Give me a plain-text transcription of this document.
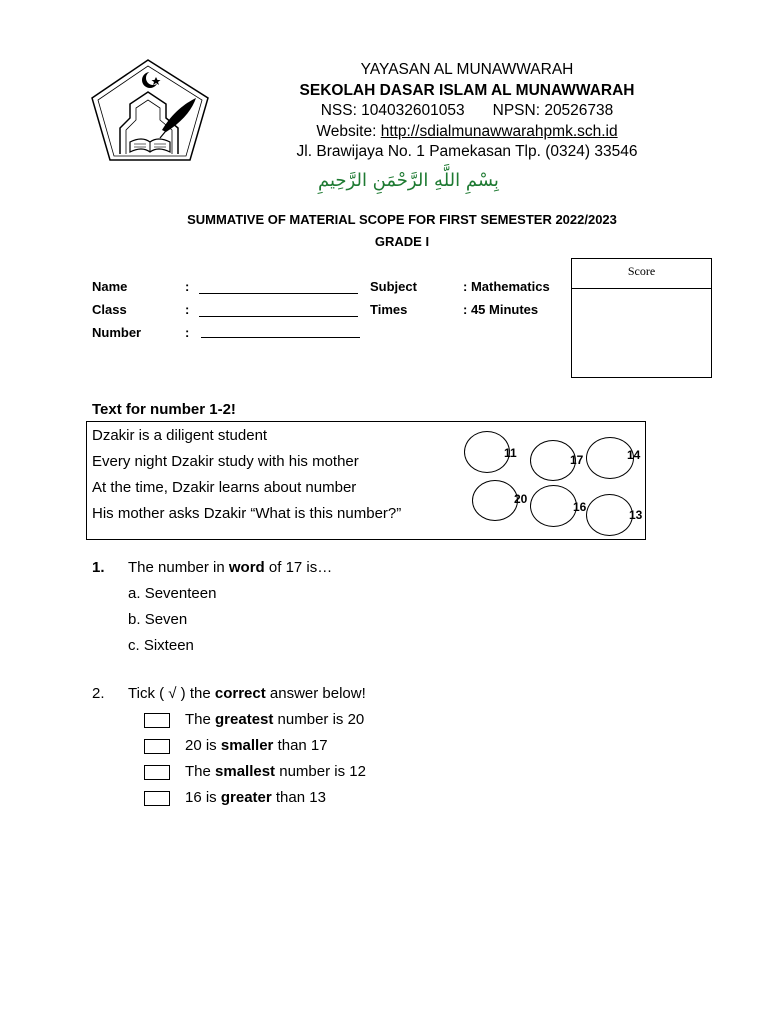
YAYASAN AL MUNAWWARAH
SEKOLAH DASAR ISLAM AL MUNAWWARAH
NSS: 104032601053 NPSN: 20526738
Website: http://sdialmunawwarahpmk.sch.id
Jl. Brawijaya No. 1 Pamekasan Tlp. (0324) 33546
بِسْمِ اللَّهِ الرَّحْمَنِ الرَّحِيمِ
SUMMATIVE OF MATERIAL SCOPE FOR FIRST SEMESTER 2022/2023
GRADE I
Name	:
Class	:
Number	:
Subject	: Mathematics
Times	: 45 Minutes
Score
Text for number 1-2!
Dzakir is a diligent student
Every night Dzakir study with his mother
At the time, Dzakir learns about number
His mother asks Dzakir “What is this number?”
11	17	14
20
16
13
1. The number in word of 17 is…
a. Seventeen
b. Seven
c. Sixteen
2. Tick ( √ ) the correct answer below!
The greatest number is 20
20 is smaller than 17
The smallest number is 12
16 is greater than 13
